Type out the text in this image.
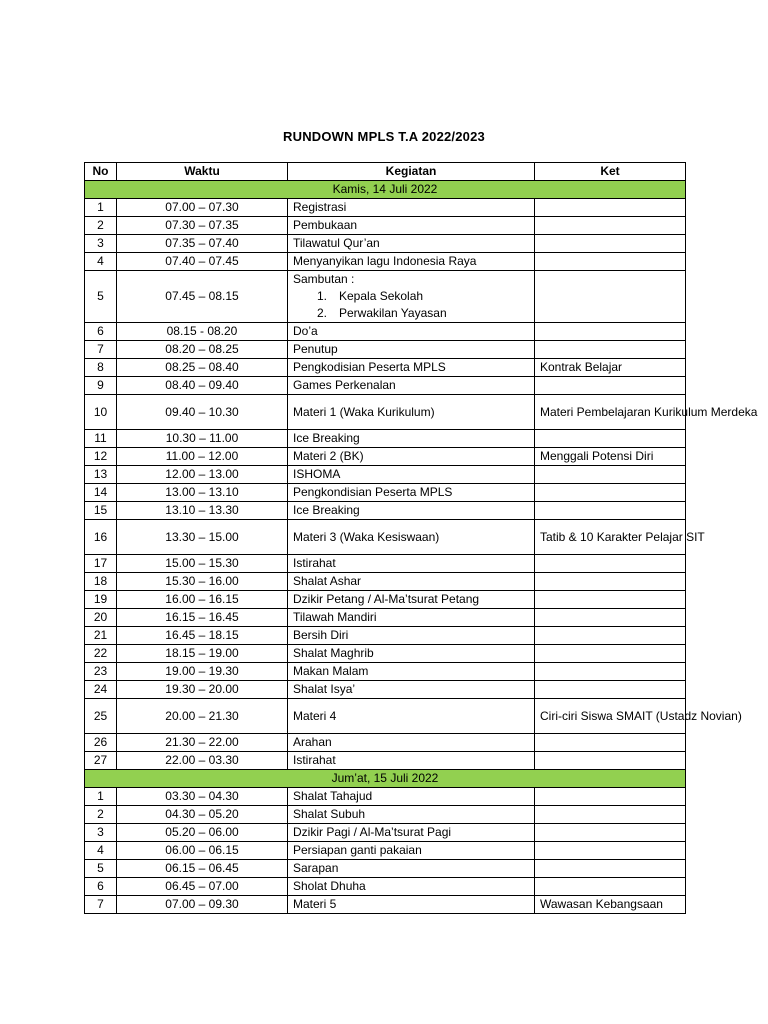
RUNDOWN MPLS T.A 2022/2023
No	Waktu	Kegiatan	Ket
Kamis, 14 Juli 2022			
1	07.00 – 07.30	Registrasi	
2	07.30 – 07.35	Pembukaan	
3	07.35 – 07.40	Tilawatul Qur’an	
4	07.40 – 07.45	Menyanyikan lagu Indonesia Raya	
5	07.45 – 08.15	Sambutan :
1. Kepala Sekolah
2. Perwakilan Yayasan	

6	08.15 - 08.20	Do’a	
7	08.20 – 08.25	Penutup	
8	08.25 – 08.40	Pengkodisian Peserta MPLS	Kontrak Belajar
9	08.40 – 09.40	Games Perkenalan	
10	09.40 – 10.30	Materi 1 (Waka Kurikulum)	Materi Pembelajaran Kurikulum Merdeka
11	10.30 – 11.00	Ice Breaking	
12	11.00 – 12.00	Materi 2 (BK)	Menggali Potensi Diri
13	12.00 – 13.00	ISHOMA	
14	13.00 – 13.10	Pengkondisian Peserta MPLS	
15	13.10 – 13.30	Ice Breaking	
16	13.30 – 15.00	Materi 3 (Waka Kesiswaan)	Tatib & 10 Karakter Pelajar SIT
17	15.00 – 15.30	Istirahat	
18	15.30 – 16.00	Shalat Ashar	
19	16.00 – 16.15	Dzikir Petang / Al-Ma’tsurat Petang	
20	16.15 – 16.45	Tilawah Mandiri	
21	16.45 – 18.15	Bersih Diri	
22	18.15 – 19.00	Shalat Maghrib	
23	19.00 – 19.30	Makan Malam	
24	19.30 – 20.00	Shalat Isya’	
25	20.00 – 21.30	Materi 4	Ciri-ciri Siswa SMAIT (Ustadz Novian)
26	21.30 – 22.00	Arahan	
27	22.00 – 03.30	Istirahat	
Jum’at, 15 Juli 2022			
1	03.30 – 04.30	Shalat Tahajud	
2	04.30 – 05.20	Shalat Subuh	
3	05.20 – 06.00	Dzikir Pagi / Al-Ma’tsurat Pagi	
4	06.00 – 06.15	Persiapan ganti pakaian	
5	06.15 – 06.45	Sarapan	
6	06.45 – 07.00	Sholat Dhuha	
7	07.00 – 09.30	Materi 5	Wawasan Kebangsaan
